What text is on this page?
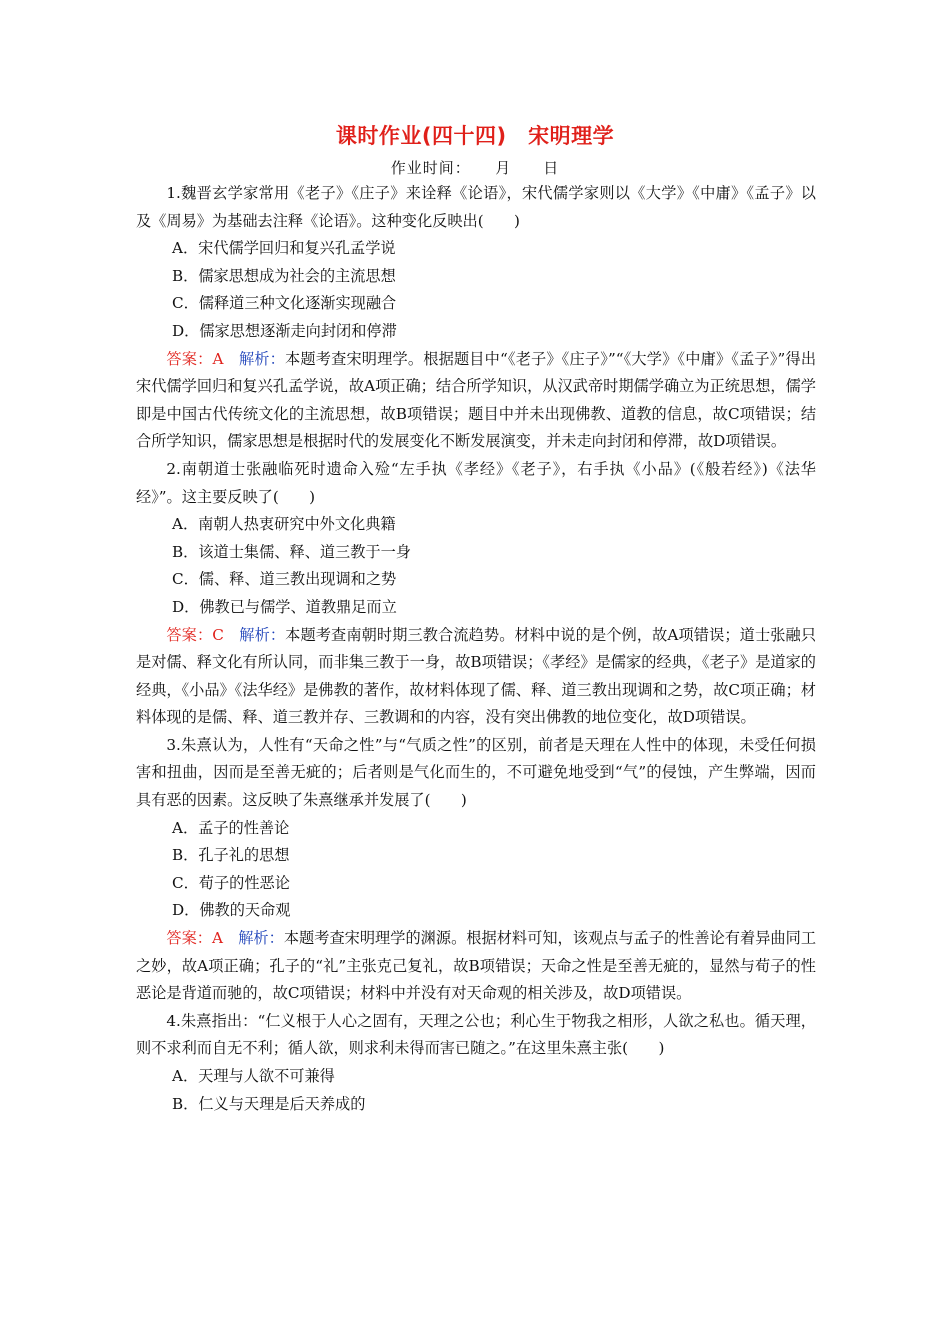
课时作业(四十四)　宋明理学
作业时间：　　月　　日

1.魏晋玄学家常用《老子》《庄子》来诠释《论语》，宋代儒学家则以《大学》《中庸》《孟子》以及《周易》为基础去注释《论语》。这种变化反映出(　　)

A．宋代儒学回归和复兴孔孟学说

B．儒家思想成为社会的主流思想

C．儒释道三种文化逐渐实现融合

D．儒家思想逐渐走向封闭和停滞

答案：A　解析：本题考查宋明理学。根据题目中“《老子》《庄子》”“《大学》《中庸》《孟子》”得出宋代儒学回归和复兴孔孟学说，故A项正确；结合所学知识，从汉武帝时期儒学确立为正统思想，儒学即是中国古代传统文化的主流思想，故B项错误；题目中并未出现佛教、道教的信息，故C项错误；结合所学知识，儒家思想是根据时代的发展变化不断发展演变，并未走向封闭和停滞，故D项错误。

2.南朝道士张融临死时遗命入殓“左手执《孝经》《老子》，右手执《小品》(《般若经》)《法华经》”。这主要反映了(　　)

A．南朝人热衷研究中外文化典籍

B．该道士集儒、释、道三教于一身

C．儒、释、道三教出现调和之势

D．佛教已与儒学、道教鼎足而立

答案：C　解析：本题考查南朝时期三教合流趋势。材料中说的是个例，故A项错误；道士张融只是对儒、释文化有所认同，而非集三教于一身，故B项错误；《孝经》是儒家的经典，《老子》是道家的经典，《小品》《法华经》是佛教的著作，故材料体现了儒、释、道三教出现调和之势，故C项正确；材料体现的是儒、释、道三教并存、三教调和的内容，没有突出佛教的地位变化，故D项错误。

3.朱熹认为，人性有“天命之性”与“气质之性”的区别，前者是天理在人性中的体现，未受任何损害和扭曲，因而是至善无疵的；后者则是气化而生的，不可避免地受到“气”的侵蚀，产生弊端，因而具有恶的因素。这反映了朱熹继承并发展了(　　)

A．孟子的性善论

B．孔子礼的思想

C．荀子的性恶论

D．佛教的天命观

答案：A　解析：本题考查宋明理学的渊源。根据材料可知，该观点与孟子的性善论有着异曲同工之妙，故A项正确；孔子的“礼”主张克己复礼，故B项错误；天命之性是至善无疵的，显然与荀子的性恶论是背道而驰的，故C项错误；材料中并没有对天命观的相关涉及，故D项错误。

4.朱熹指出：“仁义根于人心之固有，天理之公也；利心生于物我之相形，人欲之私也。循天理，则不求利而自无不利；循人欲，则求利未得而害已随之。”在这里朱熹主张(　　)

A．天理与人欲不可兼得

B．仁义与天理是后天养成的
